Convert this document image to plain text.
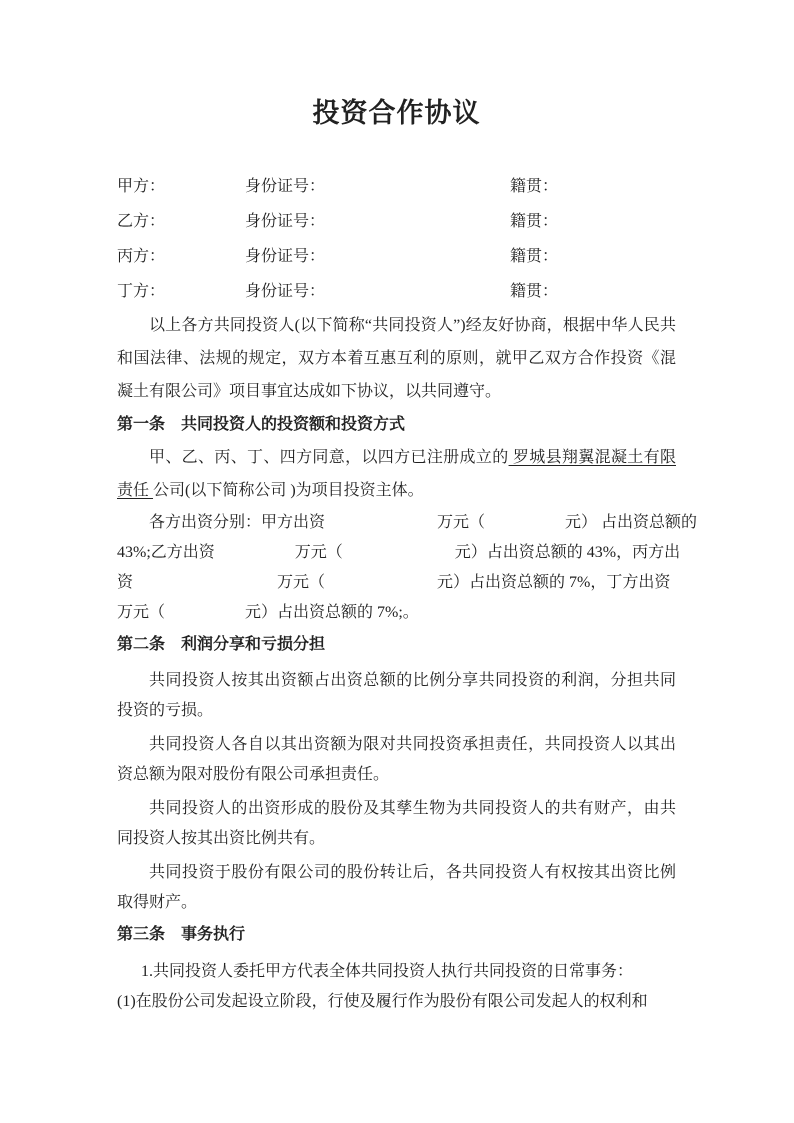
投资合作协议
甲方：	身份证号：	籍贯：
乙方：	身份证号：	籍贯：
丙方：	身份证号：	籍贯：
丁方：	身份证号：	籍贯：

以上各方共同投资人(以下简称“共同投资人”)经友好协商，根据中华人民共和国法律、法规的规定，双方本着互惠互利的原则，就甲乙双方合作投资《混凝土有限公司》项目事宜达成如下协议，以共同遵守。

第一条　共同投资人的投资额和投资方式

甲、乙、丙、丁、四方同意，以四方已注册成立的 罗城县翔翼混凝土有限责任 公司(以下简称公司 )为项目投资主体。

各方出资分别：甲方出资　　　　　　　万元（　　　　　元） 占出资总额的
43%;乙方出资　　　　　万元（　　　　　　　元）占出资总额的 43%，丙方出
资　　　　　　　　　万元（　　　　　　　元）占出资总额的 7%，丁方出资
万元（　　　　　元）占出资总额的 7%;。
第二条　利润分享和亏损分担

共同投资人按其出资额占出资总额的比例分享共同投资的利润，分担共同投资的亏损。

共同投资人各自以其出资额为限对共同投资承担责任，共同投资人以其出资总额为限对股份有限公司承担责任。

共同投资人的出资形成的股份及其孳生物为共同投资人的共有财产，由共同投资人按其出资比例共有。

共同投资于股份有限公司的股份转让后，各共同投资人有权按其出资比例取得财产。

第三条　事务执行

1.共同投资人委托甲方代表全体共同投资人执行共同投资的日常事务：

(1)在股份公司发起设立阶段，行使及履行作为股份有限公司发起人的权利和
